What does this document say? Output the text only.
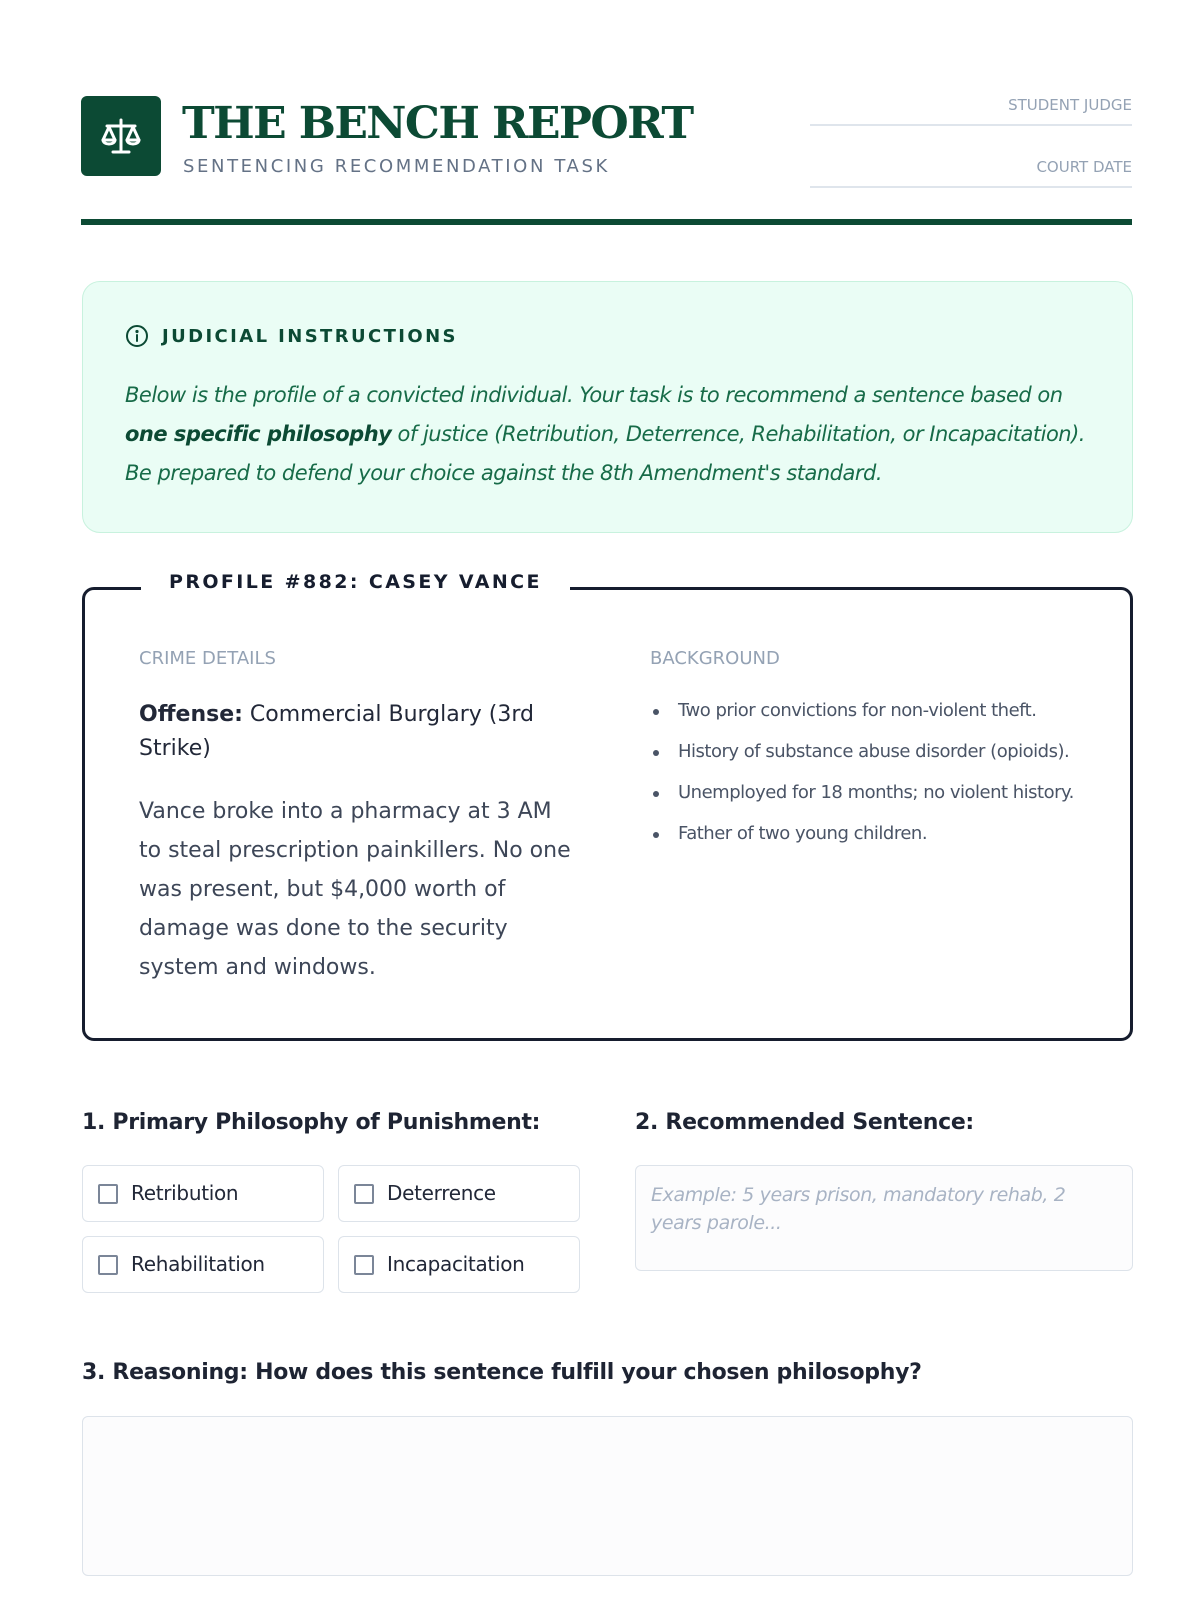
THE BENCH REPORT
SENTENCING RECOMMENDATION TASK
STUDENT JUDGE
COURT DATE
JUDICIAL INSTRUCTIONS

Below is the profile of a convicted individual. Your task is to recommend a sentence based on one specific philosophy of justice (Retribution, Deterrence, Rehabilitation, or Incapacitation). Be prepared to defend your choice against the 8th Amendment's standard.

PROFILE #882: CASEY VANCE
CRIME DETAILS

Offense: Commercial Burglary (3rd Strike)

Vance broke into a pharmacy at 3 AM to steal prescription painkillers. No one was present, but $4,000 worth of damage was done to the security system and windows.

BACKGROUND
Two prior convictions for non-violent theft.
History of substance abuse disorder (opioids).
Unemployed for 18 months; no violent history.
Father of two young children.
1. Primary Philosophy of Punishment:	2. Recommended Sentence:
Retribution	Deterrence
Rehabilitation	Incapacitation
Example: 5 years prison, mandatory rehab, 2 years parole...
3. Reasoning: How does this sentence fulfill your chosen philosophy?
